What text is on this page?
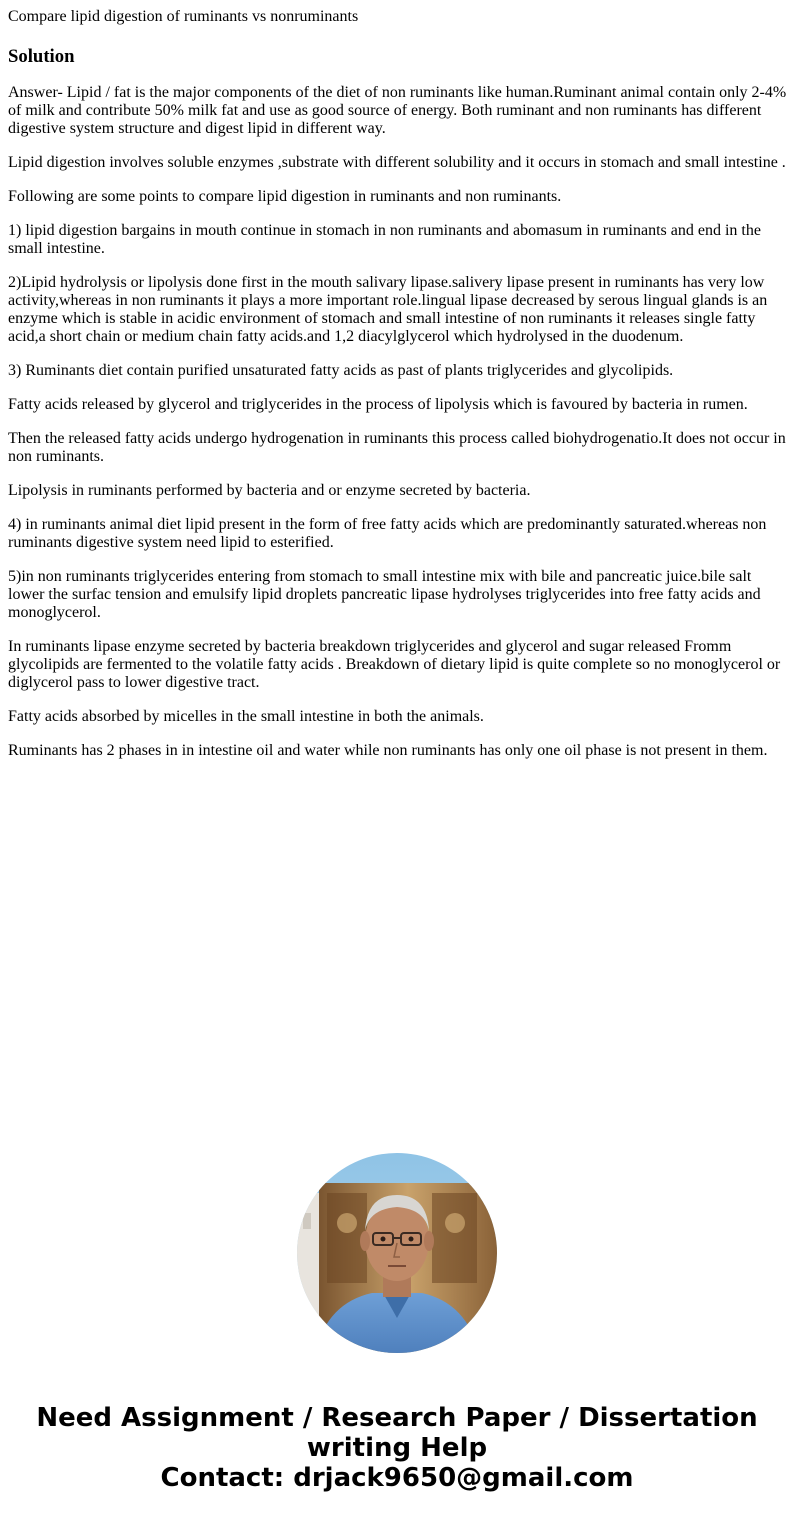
Compare lipid digestion of ruminants vs nonruminants
Solution

Answer- Lipid / fat is the major components of the diet of non ruminants like human.Ruminant animal contain only 2-4% of milk and contribute 50% milk fat and use as good source of energy. Both ruminant and non ruminants has different digestive system structure and digest lipid in different way.

Lipid digestion involves soluble enzymes ,substrate with different solubility and it occurs in stomach and small intestine .

Following are some points to compare lipid digestion in ruminants and non ruminants.

1) lipid digestion bargains in mouth continue in stomach in non ruminants and abomasum in ruminants and end in the small intestine.

2)Lipid hydrolysis or lipolysis done first in the mouth salivary lipase.salivery lipase present in ruminants has very low activity,whereas in non ruminants it plays a more important role.lingual lipase decreased by serous lingual glands is an enzyme which is stable in acidic environment of stomach and small intestine of non ruminants it releases single fatty acid,a short chain or medium chain fatty acids.and 1,2 diacylglycerol which hydrolysed in the duodenum.

3) Ruminants diet contain purified unsaturated fatty acids as past of plants triglycerides and glycolipids.

Fatty acids released by glycerol and triglycerides in the process of lipolysis which is favoured by bacteria in rumen.

Then the released fatty acids undergo hydrogenation in ruminants this process called biohydrogenatio.It does not occur in non ruminants.

Lipolysis in ruminants performed by bacteria and or enzyme secreted by bacteria.

4) in ruminants animal diet lipid present in the form of free fatty acids which are predominantly saturated.whereas non ruminants digestive system need lipid to esterified.

5)in non ruminants triglycerides entering from stomach to small intestine mix with bile and pancreatic juice.bile salt lower the surfac tension and emulsify lipid droplets pancreatic lipase hydrolyses triglycerides into free fatty acids and monoglycerol.

In ruminants lipase enzyme secreted by bacteria breakdown triglycerides and glycerol and sugar released Fromm glycolipids are fermented to the volatile fatty acids . Breakdown of dietary lipid is quite complete so no monoglycerol or diglycerol pass to lower digestive tract.

Fatty acids absorbed by micelles in the small intestine in both the animals.

Ruminants has 2 phases in in intestine oil and water while non ruminants has only one oil phase is not present in them.

Need Assignment / Research Paper / Dissertation
writing Help
Contact: drjack9650@gmail.com
